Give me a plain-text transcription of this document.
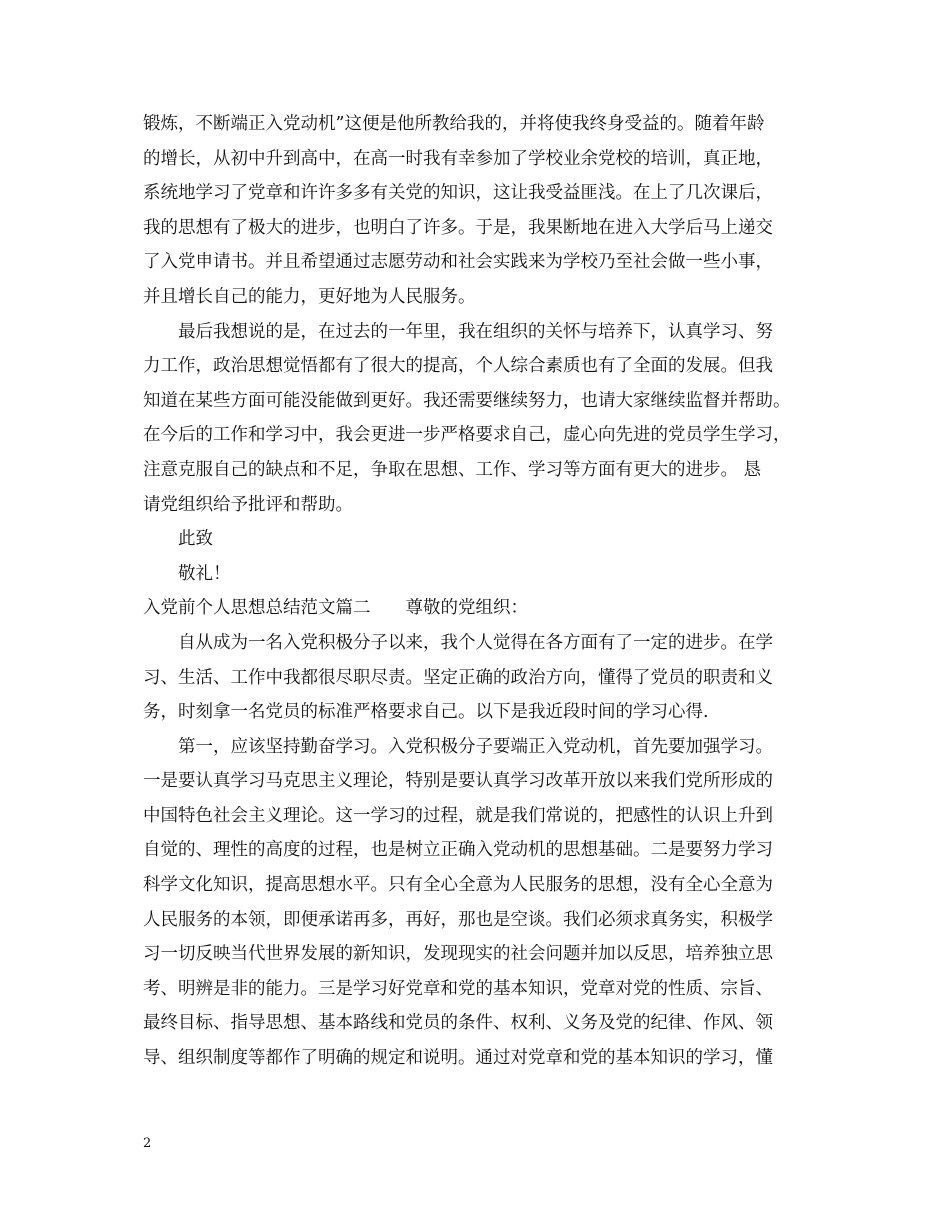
锻炼，不断端正入党动机”这便是他所教给我的，并将使我终身受益的。随着年龄

的增长，从初中升到高中，在高一时我有幸参加了学校业余党校的培训，真正地，

系统地学习了党章和许许多多有关党的知识，这让我受益匪浅。在上了几次课后，

我的思想有了极大的进步，也明白了许多。于是，我果断地在进入大学后马上递交

了入党申请书。并且希望通过志愿劳动和社会实践来为学校乃至社会做一些小事，

并且增长自己的能力，更好地为人民服务。

最后我想说的是，在过去的一年里，我在组织的关怀与培养下，认真学习、努

力工作，政治思想觉悟都有了很大的提高，个人综合素质也有了全面的发展。但我

知道在某些方面可能没能做到更好。我还需要继续努力，也请大家继续监督并帮助。

在今后的工作和学习中，我会更进一步严格要求自己，虚心向先进的党员学生学习，

注意克服自己的缺点和不足，争取在思想、工作、学习等方面有更大的进步。 恳

请党组织给予批评和帮助。

此致

敬礼！

入党前个人思想总结范文篇二　　尊敬的党组织：

自从成为一名入党积极分子以来，我个人觉得在各方面有了一定的进步。在学

习、生活、工作中我都很尽职尽责。坚定正确的政治方向，懂得了党员的职责和义

务，时刻拿一名党员的标准严格要求自己。以下是我近段时间的学习心得.

第一，应该坚持勤奋学习。入党积极分子要端正入党动机，首先要加强学习。

一是要认真学习马克思主义理论，特别是要认真学习改革开放以来我们党所形成的

中国特色社会主义理论。这一学习的过程，就是我们常说的，把感性的认识上升到

自觉的、理性的高度的过程，也是树立正确入党动机的思想基础。二是要努力学习

科学文化知识，提高思想水平。只有全心全意为人民服务的思想，没有全心全意为

人民服务的本领，即便承诺再多，再好，那也是空谈。我们必须求真务实，积极学

习一切反映当代世界发展的新知识，发现现实的社会问题并加以反思，培养独立思

考、明辨是非的能力。三是学习好党章和党的基本知识，党章对党的性质、宗旨、

最终目标、指导思想、基本路线和党员的条件、权利、义务及党的纪律、作风、领

导、组织制度等都作了明确的规定和说明。通过对党章和党的基本知识的学习，懂

2
